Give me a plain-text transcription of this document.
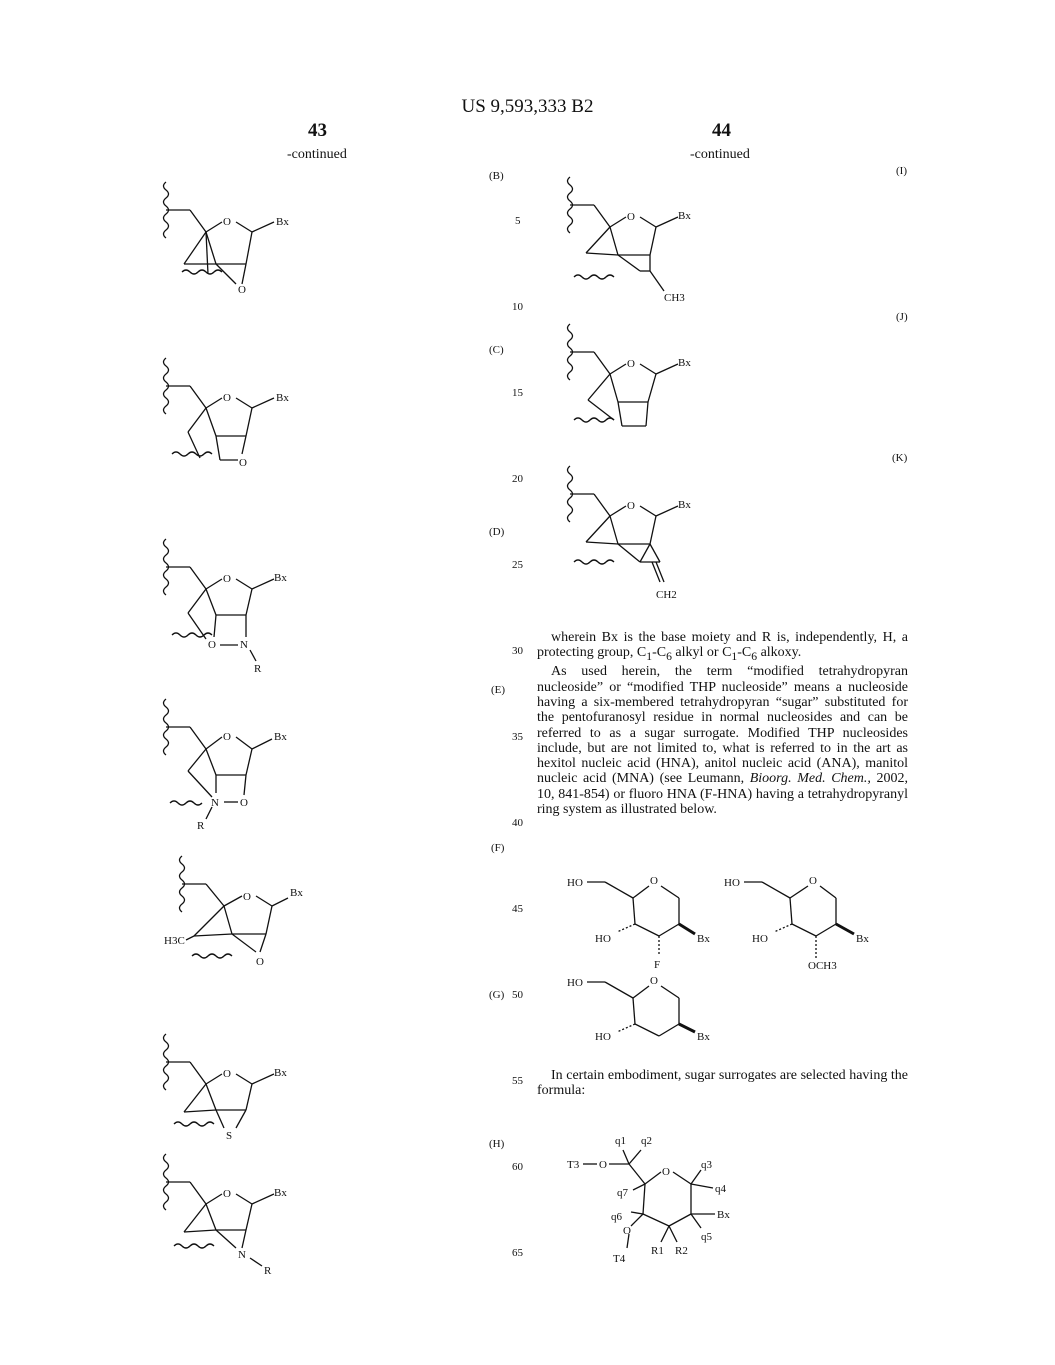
US 9,593,333 B2
43	44
-continued	-continued
(B)
(C)
(D)
(E)
(F)
(G)
(H)
(I)
(J)
(K)
5
10
15
20
25
30
35
40
45
50
55
60
65

wherein Bx is the base moiety and R is, independently, H, a protecting group, $C_1-C_6$ alkyl or $C_1-C_6$ alkoxy.

As used herein, the term “modified tetrahydropyran nucleoside” or “modified THP nucleoside” means a nucleoside having a six-membered tetrahydropyran “sugar” substituted for the pentofuranosyl residue in normal nucleosides and can be referred to as a sugar surrogate. Modified THP nucleosides include, but are not limited to, what is referred to in the art as hexitol nucleic acid (HNA), anitol nucleic acid (ANA), manitol nucleic acid (MNA) (see Leumann, Bioorg. Med. Chem., 2002, 10, 841-854) or fluoro HNA (F-HNA) having a tetrahydropyranyl ring system as illustrated below.

In certain embodiment, sugar surrogates are selected having the formula:

O	Bx
O
O	Bx
O
O	Bx
O N
R
O	Bx
N O
R
O	Bx
O
H3C
O	Bx
S
O	Bx
N
R
O	Bx
CH3
O	Bx
O	Bx
CH2
HO	O
HO	Bx
F
HO	O
HO	Bx
OCH3
HO	O
HO	Bx
T3 O
q1 q2
O
q3
q4
Bx
q5
q7
q6
O
T4
R1 R2
